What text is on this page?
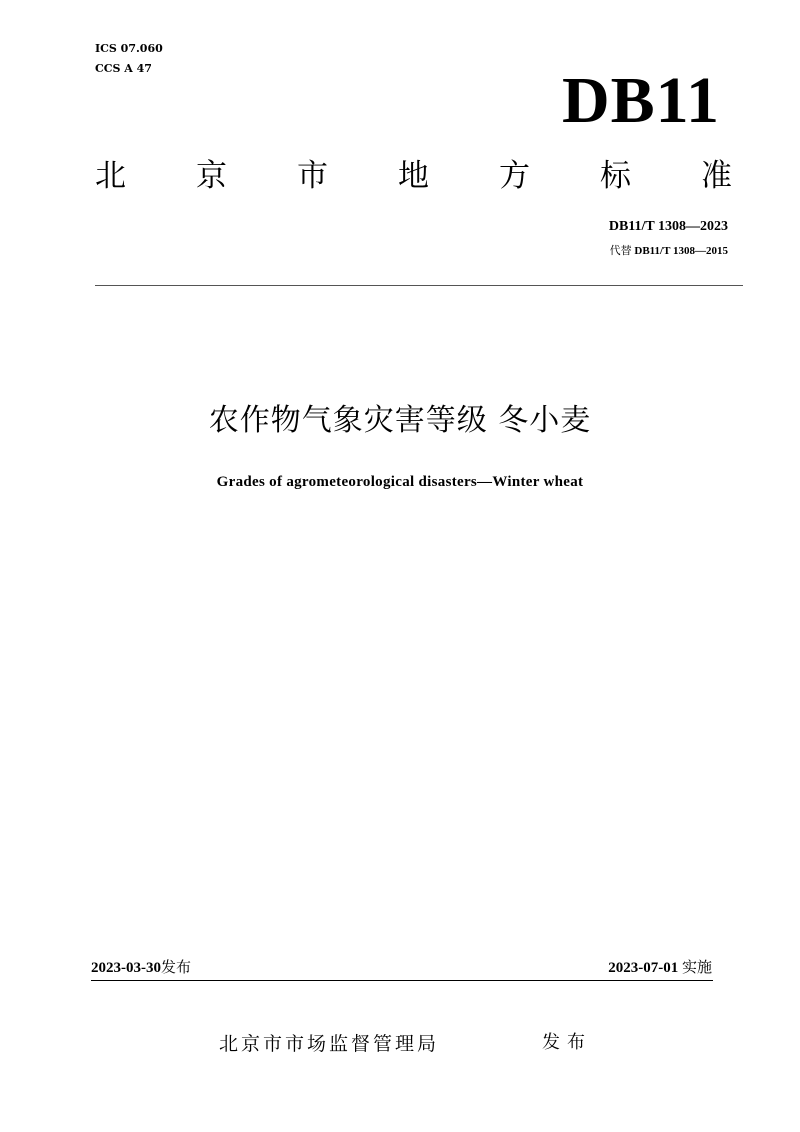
ICS 07.060
CCS A 47	DB11
北 京 市 地 方 标 准
DB11/T 1308—2023
代替 DB11/T 1308—2015
农作物气象灾害等级 冬小麦
Grades of agrometeorological disasters—Winter wheat
2023-03-30发布	2023-07-01 实施
北京市市场监督管理局	发布
